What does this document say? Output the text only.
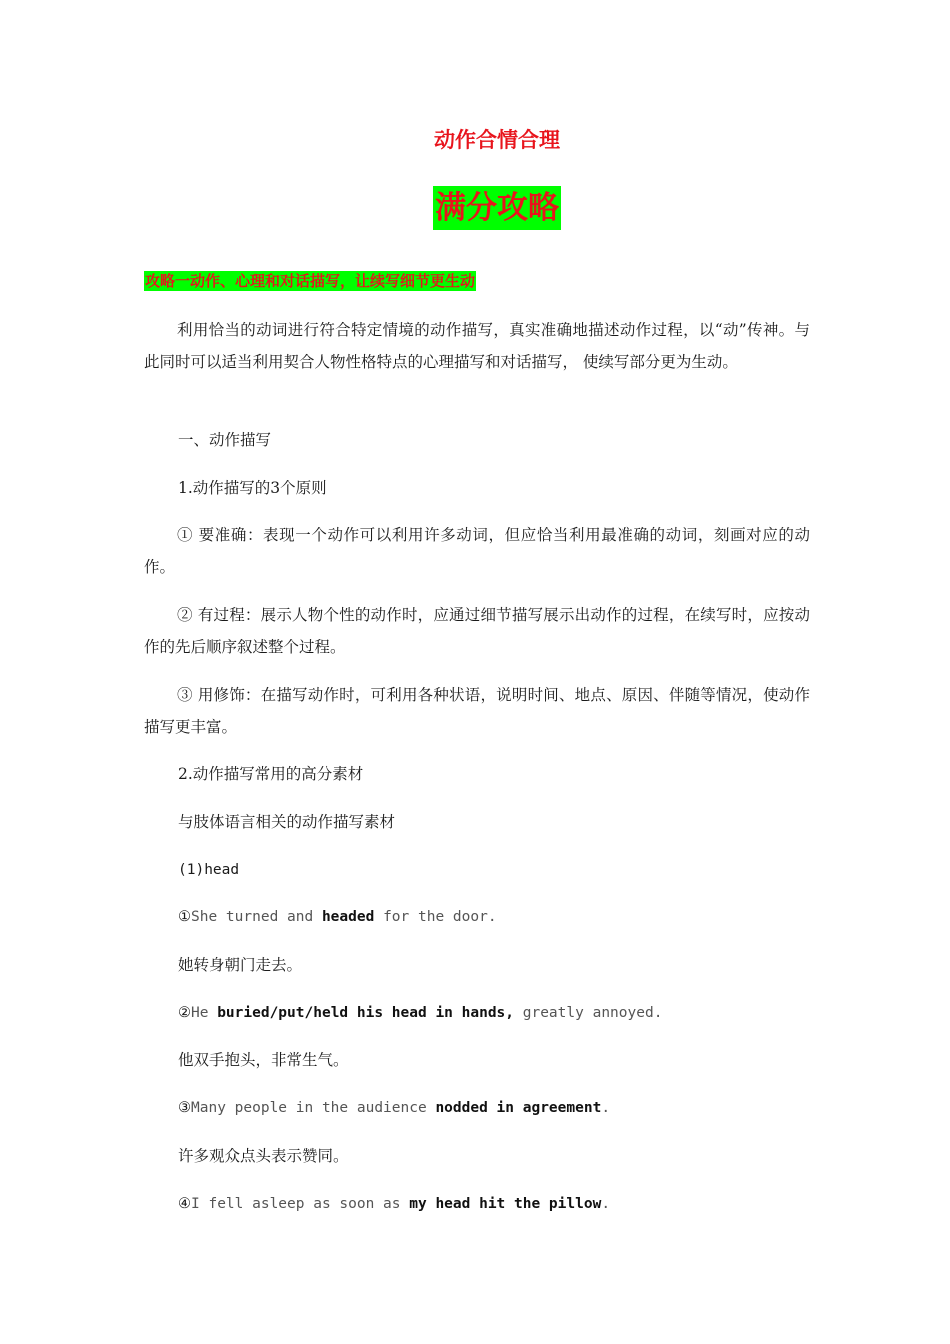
动作合情合理
满分攻略
攻略一动作、心理和对话描写，让续写细节更生动

利用恰当的动词进行符合特定情境的动作描写，真实准确地描述动作过程，以“动”传神。与此同时可以适当利用契合人物性格特点的心理描写和对话描写， 使续写部分更为生动。

一、动作描写
1.动作描写的3个原则

① 要准确：表现一个动作可以利用许多动词，但应恰当利用最准确的动词，刻画对应的动作。

② 有过程：展示人物个性的动作时，应通过细节描写展示出动作的过程，在续写时，应按动作的先后顺序叙述整个过程。

③ 用修饰：在描写动作时，可利用各种状语，说明时间、地点、原因、伴随等情况，使动作描写更丰富。

2.动作描写常用的高分素材
与肢体语言相关的动作描写素材
(1)head
①She turned and headed for the door.
她转身朝门走去。
②He buried/put/held his head in hands, greatly annoyed.
他双手抱头，非常生气。
③Many people in the audience nodded in agreement.
许多观众点头表示赞同。
④I fell asleep as soon as my head hit the pillow.
